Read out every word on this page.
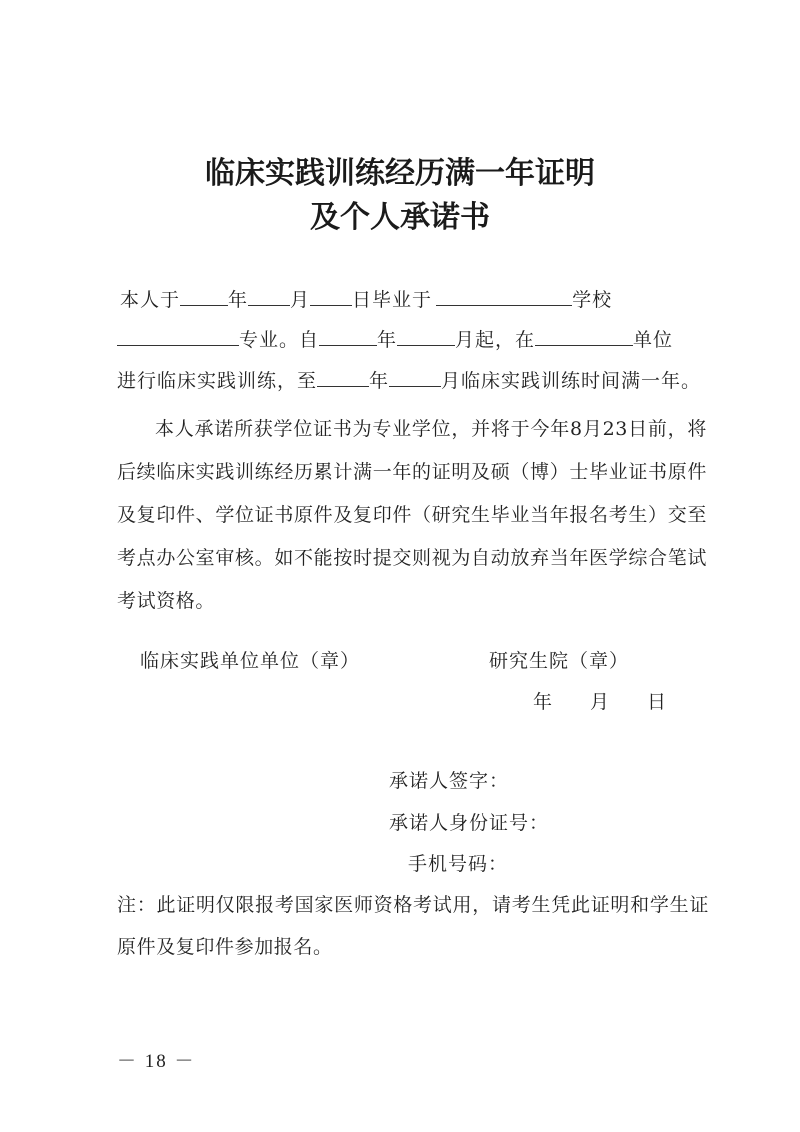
临床实践训练经历满一年证明
及个人承诺书
本人于	年 月 日毕业于	学校
专业。自	年	月起，在	单位
进行临床实践训练，至	年	月临床实践训练时间满一年。
本人承诺所获学位证书为专业学位，并将于今年8月23日前，将后续临床实践训练经历累计满一年的证明及硕（博）士毕业证书原件及复印件、学位证书原件及复印件（研究生毕业当年报名考生）交至考点办公室审核。如不能按时提交则视为自动放弃当年医学综合笔试考试资格。
临床实践单位单位（章）	研究生院（章）
年 月 日
承诺人签字：
承诺人身份证号：
手机号码：
注：此证明仅限报考国家医师资格考试用，请考生凭此证明和学生证原件及复印件参加报名。
－ 18 －
